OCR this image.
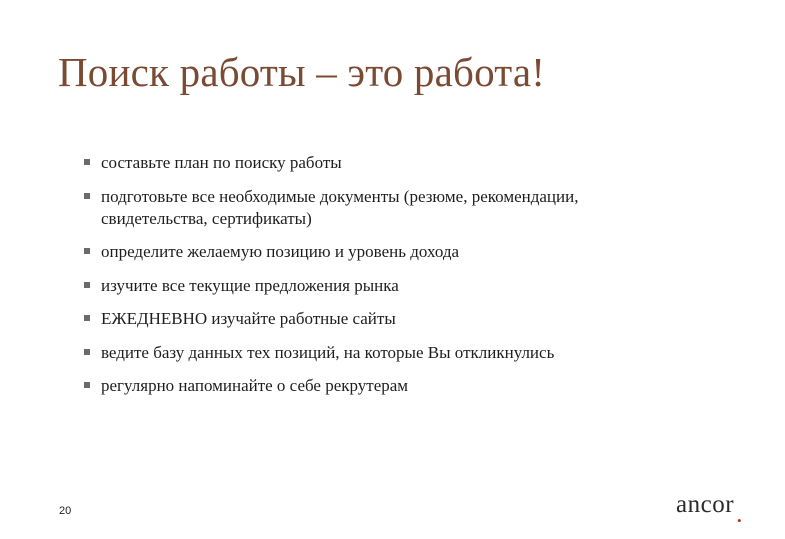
Поиск работы – это работа!
составьте план по поиску работы
подготовьте все необходимые документы (резюме, рекомендации, свидетельства, сертификаты)
определите желаемую позицию и уровень дохода
изучите все текущие предложения рынка
ЕЖЕДНЕВНО изучайте работные сайты
ведите базу данных тех позиций, на которые Вы откликнулись
регулярно напоминайте о себе рекрутерам
20	ancor
•
